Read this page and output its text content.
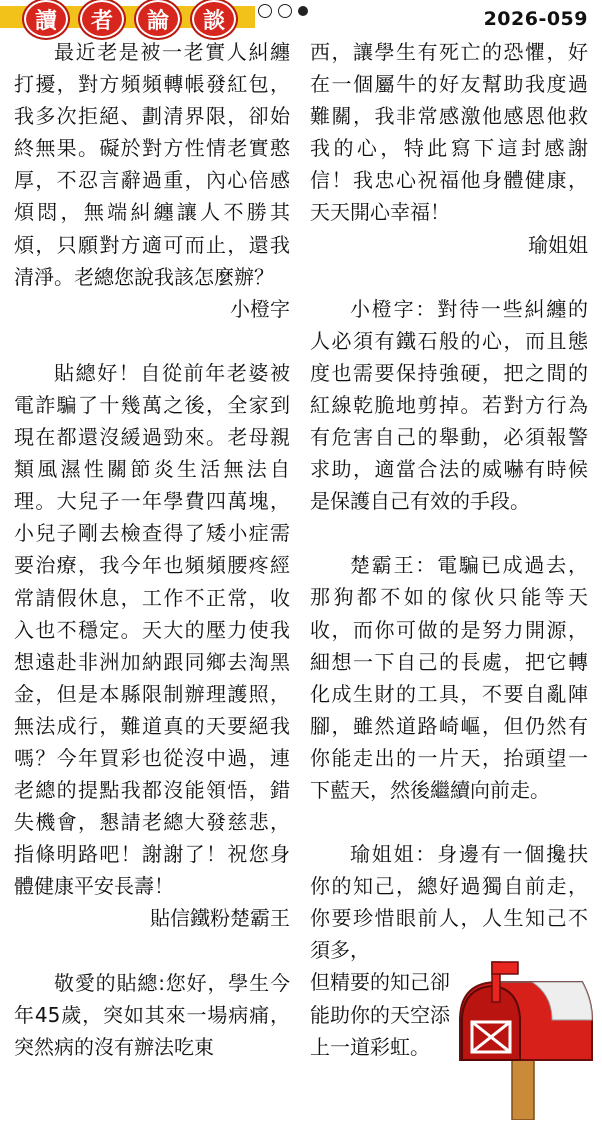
讀	者	論	談	2026-059

最近老是被一老實人糾纏打擾，對方頻頻轉帳發紅包，我多次拒絕、劃清界限，卻始終無果。礙於對方性情老實憨厚，不忍言辭過重，內心倍感煩悶，無端糾纏讓人不勝其煩，只願對方適可而止，還我清淨。老總您說我該怎麼辦？

小橙字

貼總好！自從前年老婆被電詐騙了十幾萬之後，全家到現在都還沒緩過勁來。老母親類風濕性關節炎生活無法自理。大兒子一年學費四萬塊，小兒子剛去檢查得了矮小症需要治療，我今年也頻頻腰疼經常請假休息，工作不正常，收入也不穩定。天大的壓力使我想遠赴非洲加納跟同鄉去淘黑金，但是本縣限制辦理護照，無法成行，難道真的天要絕我嗎？今年買彩也從沒中過，連老總的提點我都沒能領悟，錯失機會，懇請老總大發慈悲，指條明路吧！謝謝了！祝您身體健康平安長壽！

貼信鐵粉楚霸王

敬愛的貼總:您好，學生今年45歲，突如其來一場病痛，突然病的沒有辦法吃東

西，讓學生有死亡的恐懼，好在一個屬牛的好友幫助我度過難關，我非常感激他感恩他救我的心，特此寫下這封感謝信！我忠心祝福他身體健康，天天開心幸福！

瑜姐姐

小橙字：對待一些糾纏的人必須有鐵石般的心，而且態度也需要保持強硬，把之間的紅線乾脆地剪掉。若對方行為有危害自己的舉動，必須報警求助，適當合法的威嚇有時候是保護自己有效的手段。

楚霸王：電騙已成過去，那狗都不如的傢伙只能等天收，而你可做的是努力開源，細想一下自己的長處，把它轉化成生財的工具，不要自亂陣腳，雖然道路崎嶇，但仍然有你能走出的一片天，抬頭望一下藍天，然後繼續向前走。

瑜姐姐：身邊有一個攙扶你的知己，總好過獨自前走，你要珍惜眼前人，人生知己不須多，

但精要的知己卻能助你的天空添上一道彩虹。
